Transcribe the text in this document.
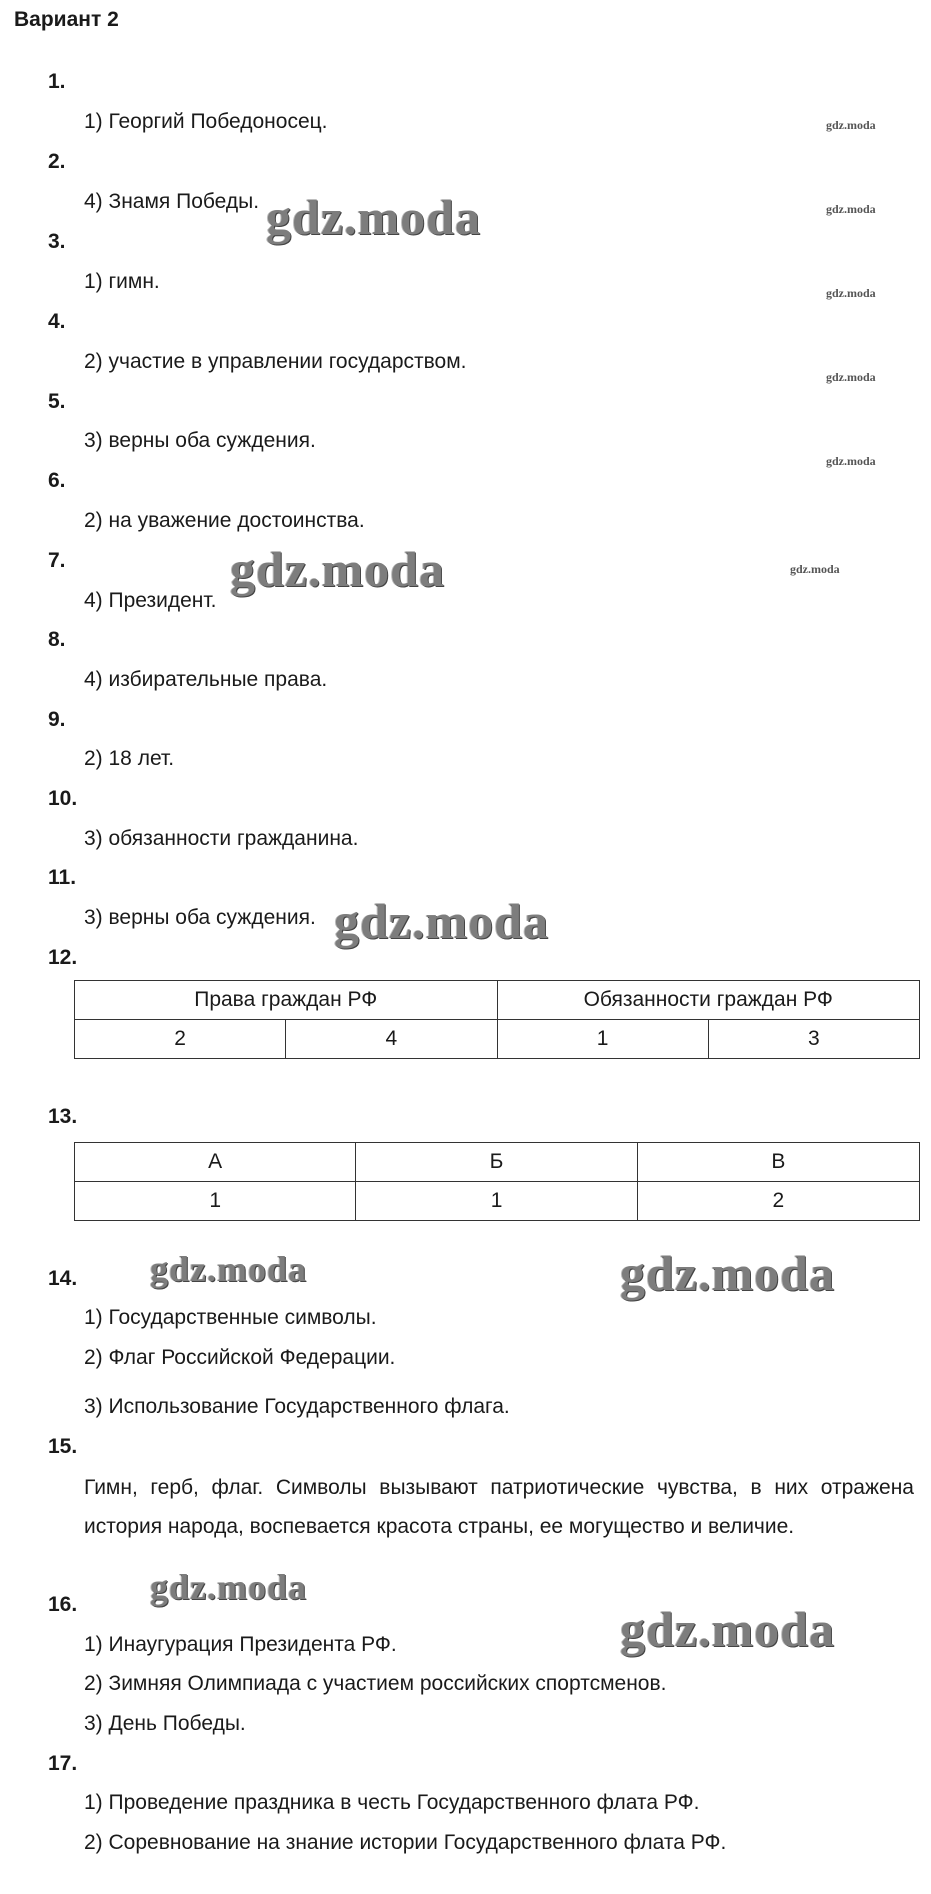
Вариант 2
1.
1) Георгий Победоносец.
2.
4) Знамя Победы.
3.
1) гимн.
4.
2) участие в управлении государством.
5.
3) верны оба суждения.
6.
2) на уважение достоинства.
7.
4) Президент.
8.
4) избирательные права.
9.
2) 18 лет.
10.
3) обязанности гражданина.
11.
3) верны оба суждения.
12.
Права граждан РФ		Обязанности граждан РФ	
2	4	1	3
13.
А	Б	В
1	1	2
14.
1) Государственные символы.
2) Флаг Российской Федерации.
3) Использование Государственного флага.
15.
Гимн, герб, флаг. Символы вызывают патриотические чувства, в них отражена история народа, воспевается красота страны, ее могущество и величие.
16.
1) Инаугурация Президента РФ.
2) Зимняя Олимпиада с участием российских спортсменов.
3) День Победы.
17.
1) Проведение праздника в честь Государственного флата РФ.
2) Соревнование на знание истории Государственного флата РФ.
gdz.moda
gdz.moda
gdz.moda
gdz.moda
gdz.moda
gdz.moda
gdz.moda
gdz.moda
gdz.moda
gdz.moda	gdz.moda
gdz.moda
gdz.moda
